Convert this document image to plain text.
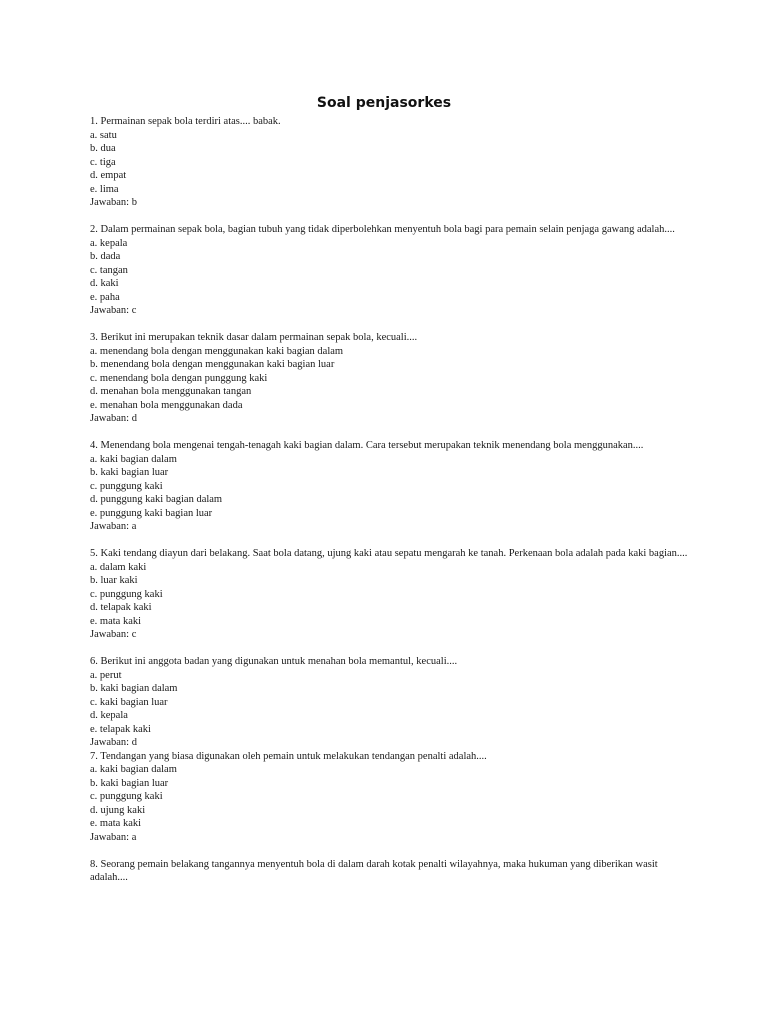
Soal penjasorkes
1. Permainan sepak bola terdiri atas.... babak.
a. satu
b. dua
c. tiga
d. empat
e. lima
Jawaban: b
2. Dalam permainan sepak bola, bagian tubuh yang tidak diperbolehkan menyentuh bola bagi para pemain selain penjaga gawang adalah....
a. kepala
b. dada
c. tangan
d. kaki
e. paha
Jawaban: c
3. Berikut ini merupakan teknik dasar dalam permainan sepak bola, kecuali....
a. menendang bola dengan menggunakan kaki bagian dalam
b. menendang bola dengan menggunakan kaki bagian luar
c. menendang bola dengan punggung kaki
d. menahan bola menggunakan tangan
e. menahan bola menggunakan dada
Jawaban: d
4. Menendang bola mengenai tengah-tenagah kaki bagian dalam. Cara tersebut merupakan teknik menendang bola menggunakan....
a. kaki bagian dalam
b. kaki bagian luar
c. punggung kaki
d. punggung kaki bagian dalam
e. punggung kaki bagian luar
Jawaban: a
5. Kaki tendang diayun dari belakang. Saat bola datang, ujung kaki atau sepatu mengarah ke tanah. Perkenaan bola adalah pada kaki bagian....
a. dalam kaki
b. luar kaki
c. punggung kaki
d. telapak kaki
e. mata kaki
Jawaban: c
6. Berikut ini anggota badan yang digunakan untuk menahan bola memantul, kecuali....
a. perut
b. kaki bagian dalam
c. kaki bagian luar
d. kepala
e. telapak kaki
Jawaban: d
7. Tendangan yang biasa digunakan oleh pemain untuk melakukan tendangan penalti adalah....
a. kaki bagian dalam
b. kaki bagian luar
c. punggung kaki
d. ujung kaki
e. mata kaki
Jawaban: a
8. Seorang pemain belakang tangannya menyentuh bola di dalam darah kotak penalti wilayahnya, maka hukuman yang diberikan wasit adalah....
